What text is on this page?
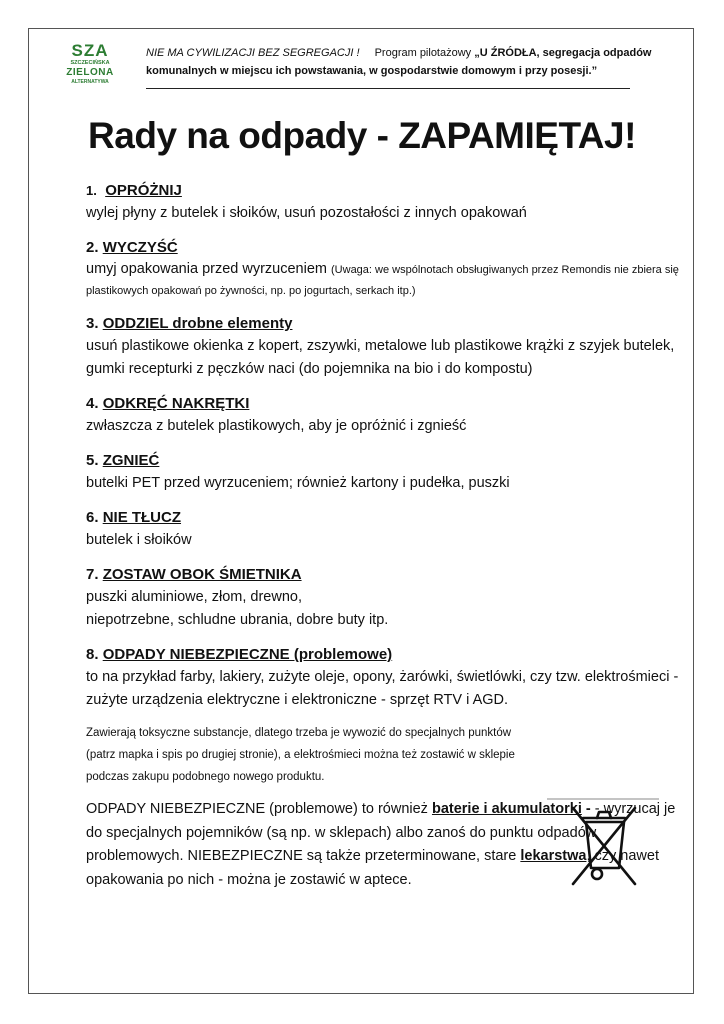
SZA
SZCZECIŃSKA
ZIELONA
ALTERNATYWA
NIE MA CYWILIZACJI BEZ SEGREGACJI ! Program pilotażowy „U ŹRÓDŁA, segregacja odpadów komunalnych w miejscu ich powstawania, w gospodarstwie domowym i przy posesji.”
Rady na odpady - ZAPAMIĘTAJ!
1. OPRÓŻNIJ
wylej płyny z butelek i słoików, usuń pozostałości z innych opakowań
2. WYCZYŚĆ
umyj opakowania przed wyrzuceniem (Uwaga: we wspólnotach obsługiwanych przez Remondis nie zbiera się plastikowych opakowań po żywności, np. po jogurtach, serkach itp.)
3. ODDZIEL drobne elementy
usuń plastikowe okienka z kopert, zszywki, metalowe lub plastikowe krążki z szyjek butelek, gumki recepturki z pęczków naci (do pojemnika na bio i do kompostu)
4. ODKRĘĆ NAKRĘTKI
zwłaszcza z butelek plastikowych, aby je opróżnić i zgnieść
5. ZGNIEĆ
butelki PET przed wyrzuceniem; również kartony i pudełka, puszki
6. NIE TŁUCZ
butelek i słoików
7. ZOSTAW OBOK ŚMIETNIKA
puszki aluminiowe, złom, drewno,
niepotrzebne, schludne ubrania, dobre buty itp.
8. ODPADY NIEBEZPIECZNE (problemowe)
to na przykład farby, lakiery, zużyte oleje, opony, żarówki, świetlówki, czy tzw. elektrośmieci - zużyte urządzenia elektryczne i elektroniczne - sprzęt RTV i AGD.
Zawierają toksyczne substancje, dlatego trzeba je wywozić do specjalnych punktów (patrz mapka i spis po drugiej stronie), a elektrośmieci można też zostawić w sklepie podczas zakupu podobnego nowego produktu.
ODPADY NIEBEZPIECZNE (problemowe) to również baterie i akumulatorki - - wyrzucaj je do specjalnych pojemników (są np. w sklepach) albo zanoś do punktu odpadów problemowych. NIEBEZPIECZNE są także przeterminowane, stare lekarstwa, czy nawet opakowania po nich - można je zostawić w aptece.
